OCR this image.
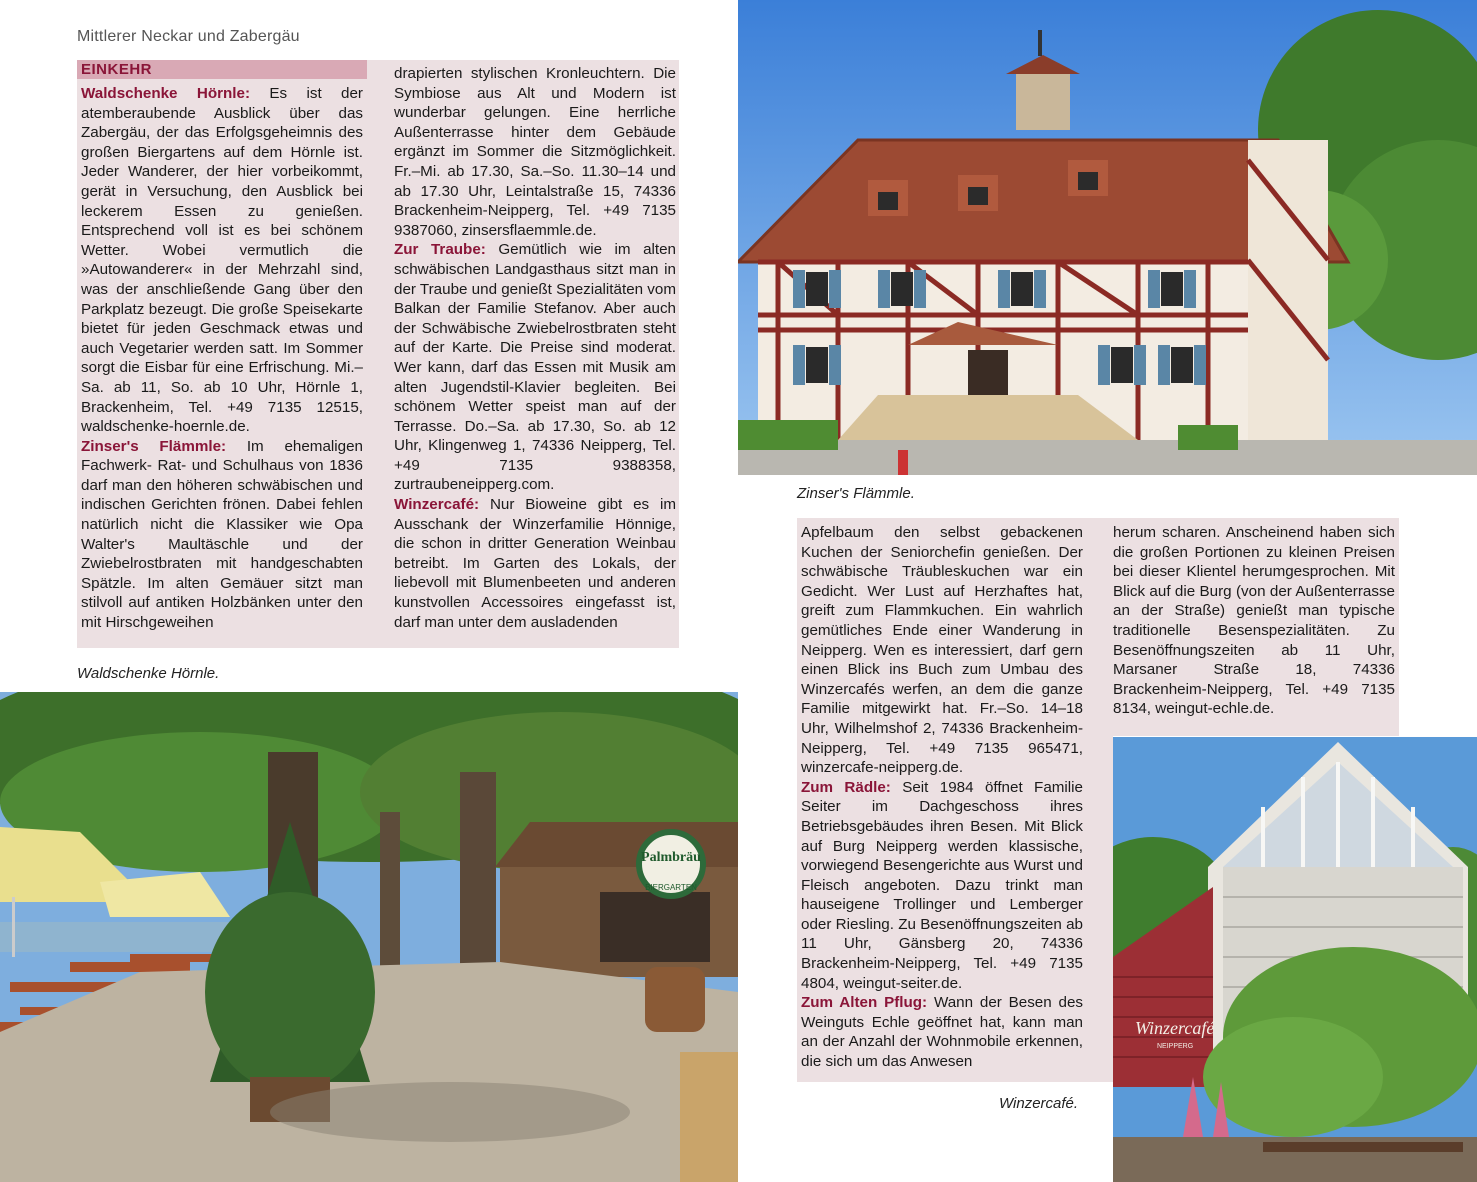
Mittlerer Neckar und Zabergäu
EINKEHR

Waldschenke Hörnle: Es ist der atemberaubende Ausblick über das Zabergäu, der das Erfolgsgeheimnis des großen Biergartens auf dem Hörnle ist. Jeder Wanderer, der hier vorbeikommt, gerät in Versuchung, den Ausblick bei leckerem Essen zu genießen. Entsprechend voll ist es bei schönem Wetter. Wobei vermutlich die »Autowanderer« in der Mehrzahl sind, was der anschließende Gang über den Parkplatz bezeugt. Die große Speisekarte bietet für jeden Geschmack etwas und auch Vegetarier werden satt. Im Sommer sorgt die Eisbar für eine Erfrischung. Mi.–Sa. ab 11, So. ab 10 Uhr, Hörnle 1, Brackenheim, Tel. +49 7135 12515, waldschenke-hoernle.de.

Zinser's Flämmle: Im ehemaligen Fachwerk- Rat- und Schulhaus von 1836 darf man den höheren schwäbischen und indischen Gerichten frönen. Dabei fehlen natürlich nicht die Klassiker wie Opa Walter's Maultäschle und der Zwiebelrostbraten mit handgeschabten Spätzle. Im alten Gemäuer sitzt man stilvoll auf antiken Holzbänken unter den mit Hirschgeweihen

drapierten stylischen Kronleuchtern. Die Symbiose aus Alt und Modern ist wunderbar gelungen. Eine herrliche Außenterrasse hinter dem Gebäude ergänzt im Sommer die Sitzmöglichkeit. Fr.–Mi. ab 17.30, Sa.–So. 11.30–14 und ab 17.30 Uhr, Leintalstraße 15, 74336 Brackenheim-Neipperg, Tel. +49 7135 9387060, zinsersflaemmle.de.

Zur Traube: Gemütlich wie im alten schwäbischen Landgasthaus sitzt man in der Traube und genießt Spezialitäten vom Balkan der Familie Stefanov. Aber auch der Schwäbische Zwiebelrostbraten steht auf der Karte. Die Preise sind moderat. Wer kann, darf das Essen mit Musik am alten Jugendstil-Klavier begleiten. Bei schönem Wetter speist man auf der Terrasse. Do.–Sa. ab 17.30, So. ab 12 Uhr, Klingenweg 1, 74336 Neipperg, Tel. +49 7135 9388358, zurtraubeneipperg.com.

Winzercafé: Nur Bioweine gibt es im Ausschank der Winzerfamilie Hönnige, die schon in dritter Generation Weinbau betreibt. Im Garten des Lokals, der liebevoll mit Blumenbeeten und anderen kunstvollen Accessoires eingefasst ist, darf man unter dem ausladenden

Apfelbaum den selbst gebackenen Kuchen der Seniorchefin genießen. Der schwäbische Träubleskuchen war ein Gedicht. Wer Lust auf Herzhaftes hat, greift zum Flammkuchen. Ein wahrlich gemütliches Ende einer Wanderung in Neipperg. Wen es interessiert, darf gern einen Blick ins Buch zum Umbau des Winzercafés werfen, an dem die ganze Familie mitgewirkt hat. Fr.–So. 14–18 Uhr, Wilhelmshof 2, 74336 Brackenheim-Neipperg, Tel. +49 7135 965471, winzercafe-neipperg.de.

Zum Rädle: Seit 1984 öffnet Familie Seiter im Dachgeschoss ihres Betriebsgebäudes ihren Besen. Mit Blick auf Burg Neipperg werden klassische, vorwiegend Besengerichte aus Wurst und Fleisch angeboten. Dazu trinkt man hauseigene Trollinger und Lemberger oder Riesling. Zu Besenöffnungszeiten ab 11 Uhr, Gänsberg 20, 74336 Brackenheim-Neipperg, Tel. +49 7135 4804, weingut-seiter.de.

Zum Alten Pflug: Wann der Besen des Weinguts Echle geöffnet hat, kann man an der Anzahl der Wohnmobile erkennen, die sich um das Anwesen

herum scharen. Anscheinend haben sich die großen Portionen zu kleinen Preisen bei dieser Klientel herumgesprochen. Mit Blick auf die Burg (von der Außenterrasse an der Straße) genießt man typische traditionelle Besenspezialitäten. Zu Besenöffnungszeiten ab 11 Uhr, Marsaner Straße 18, 74336 Brackenheim-Neipperg, Tel. +49 7135 8134, weingut-echle.de.

Waldschenke Hörnle.
Zinser's Flämmle.
Winzercafé.
Palmbräu
BIERGARTEN
Winzercafé
NEIPPERG
